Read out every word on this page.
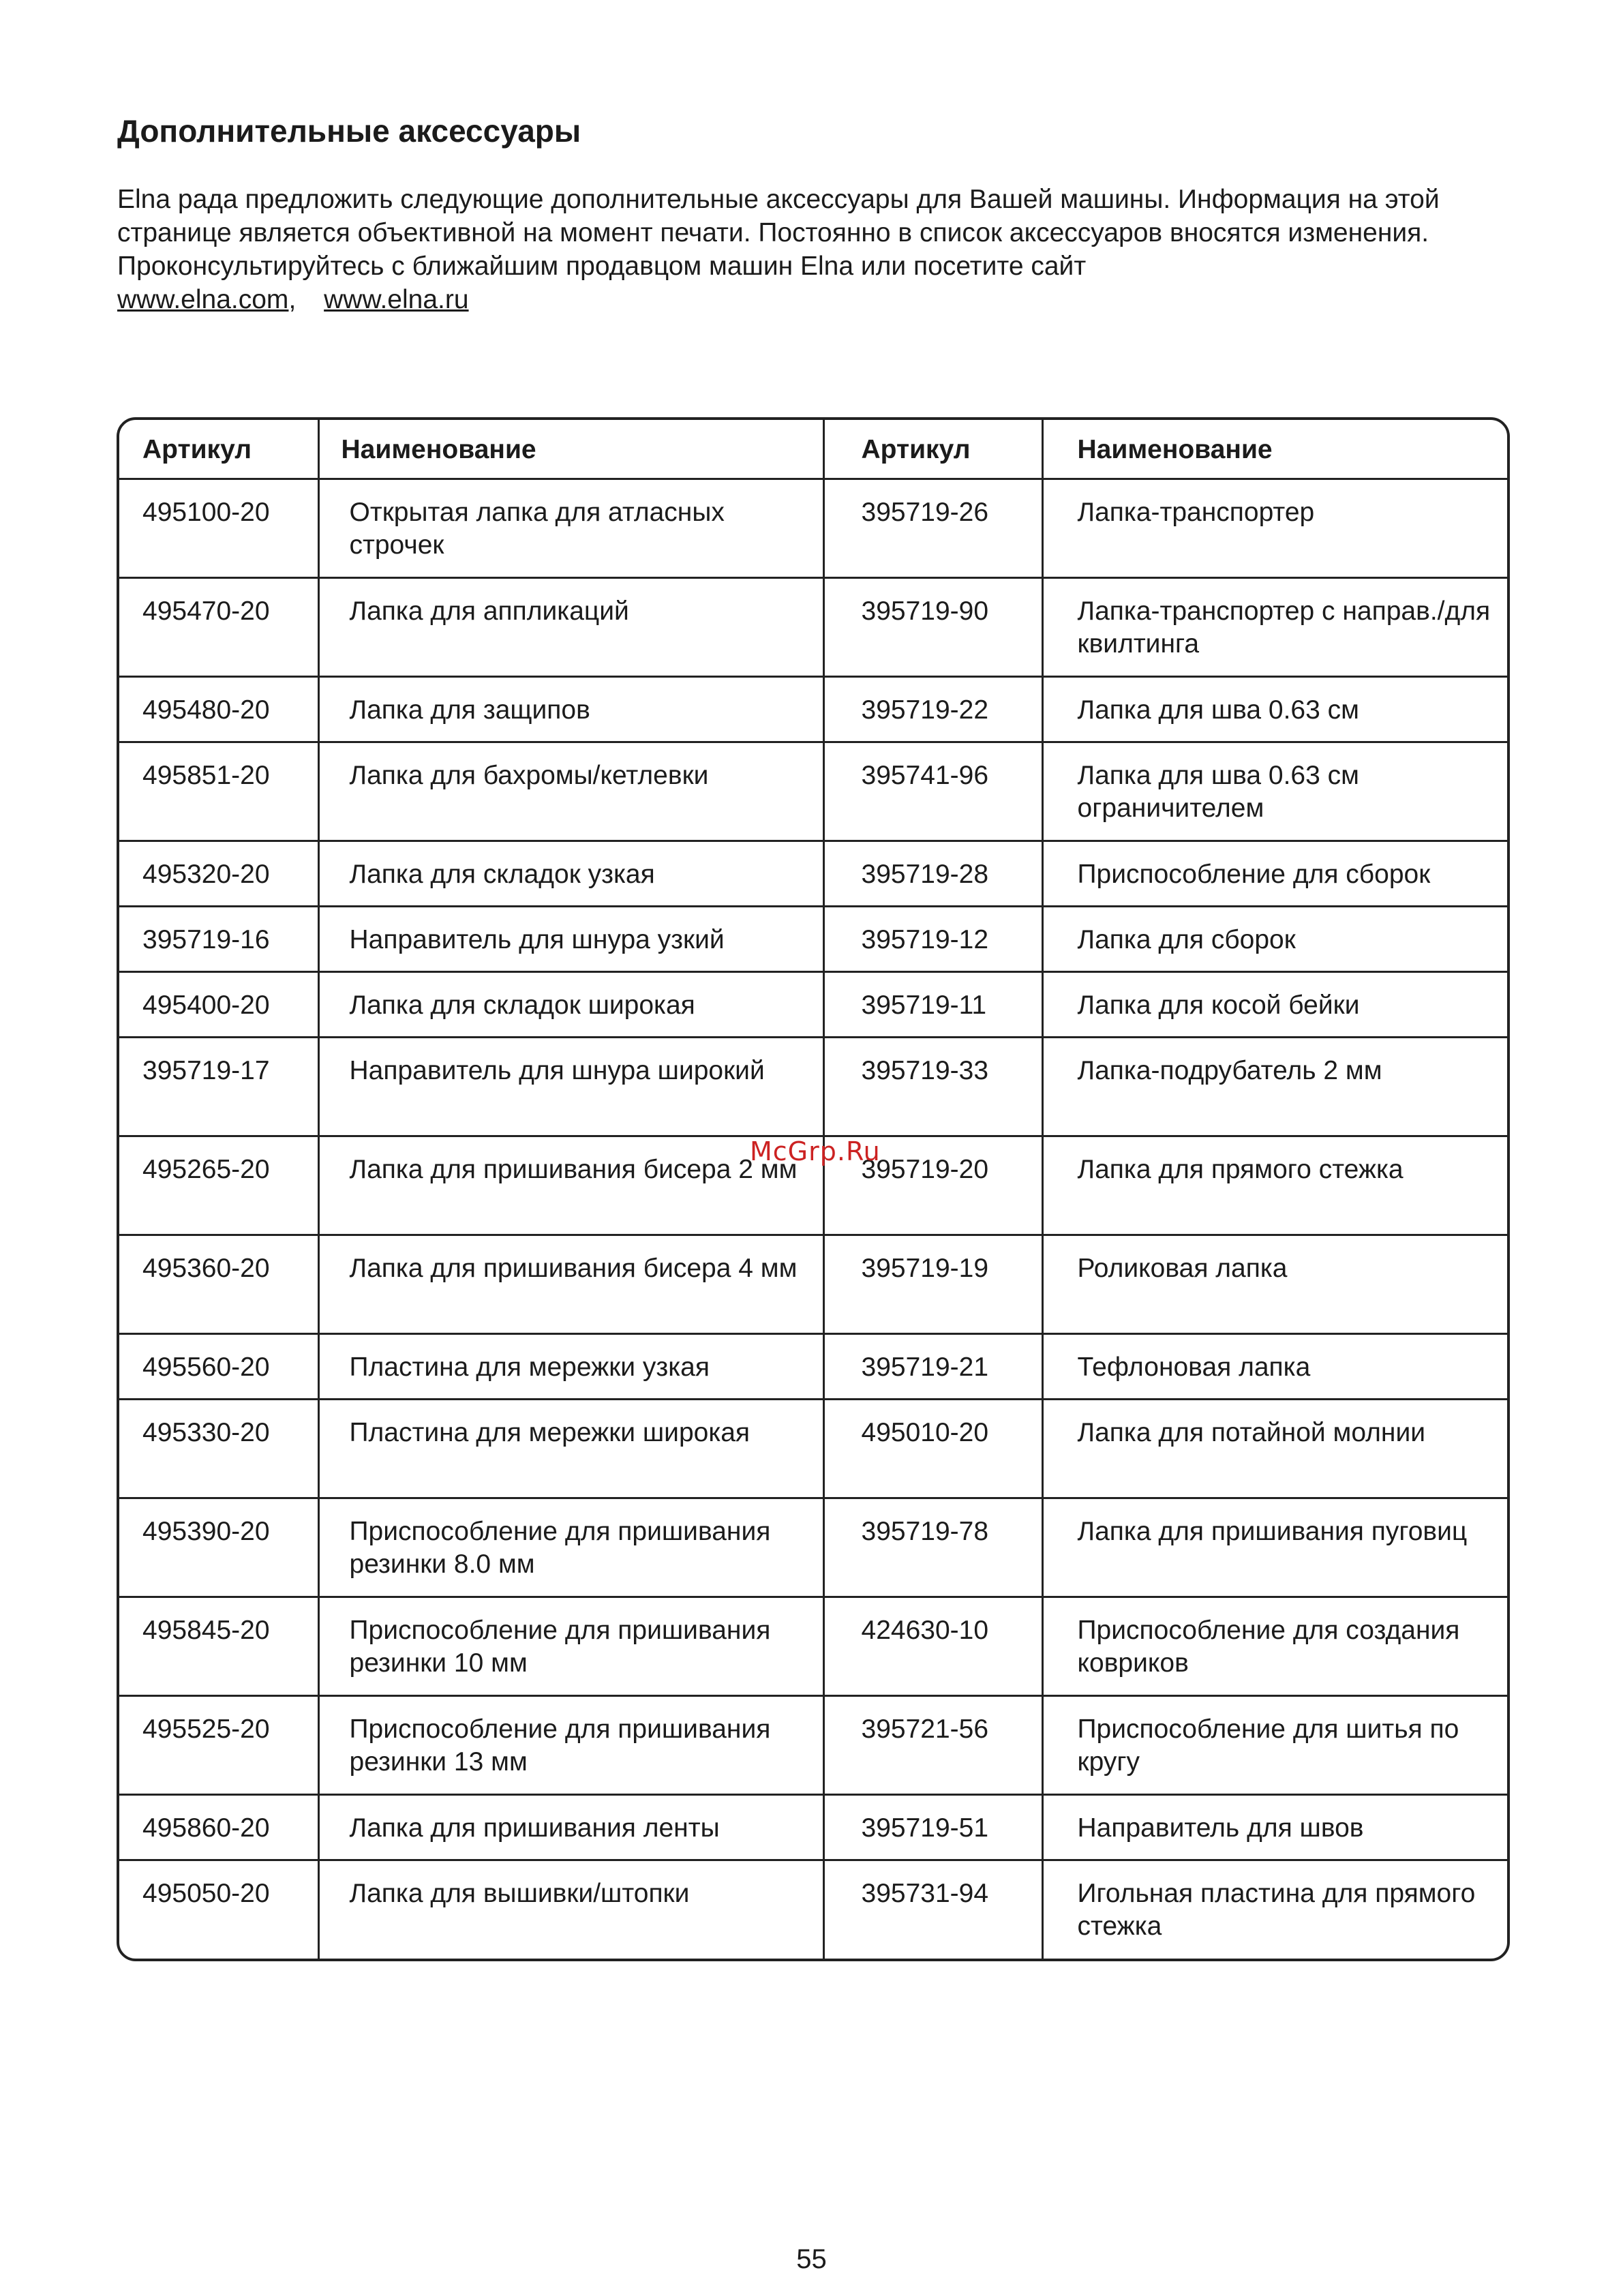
Дополнительные аксессуары

Elna рада предложить следующие дополнительные аксессуары для Вашей машины. Информация на этой странице является объективной на момент печати. Постоянно в список аксессуаров вносятся изменения. Проконсультируйтесь с ближайшим продавцом машин Elna или посетите сайт
www.elna.com, www.elna.ru

Артикул	Наименование	Артикул	Наименование
495100-20	Открытая лапка для атласных строчек	395719-26	Лапка-транспортер
495470-20	Лапка для аппликаций	395719-90	Лапка-транспортер с направ./для квилтинга
495480-20	Лапка для защипов	395719-22	Лапка для шва 0.63 см
495851-20	Лапка для бахромы/кетлевки	395741-96	Лапка для шва 0.63 см ограничителем
495320-20	Лапка для складок узкая	395719-28	Приспособление для сборок
395719-16	Направитель для шнура узкий	395719-12	Лапка для сборок
495400-20	Лапка для складок широкая	395719-11	Лапка для косой бейки
395719-17	Направитель для шнура широкий	395719-33	Лапка-подрубатель 2 мм
495265-20	Лапка для пришивания бисера 2 мм	395719-20	Лапка для прямого стежка
495360-20	Лапка для пришивания бисера 4 мм	395719-19	Роликовая лапка
495560-20	Пластина для мережки узкая	395719-21	Тефлоновая лапка
495330-20	Пластина для мережки широкая	495010-20	Лапка для потайной молнии
495390-20	Приспособление для пришивания резинки 8.0 мм	395719-78	Лапка для пришивания пуговиц
495845-20	Приспособление для пришивания резинки 10 мм	424630-10	Приспособление для создания ковриков
495525-20	Приспособление для пришивания резинки 13 мм	395721-56	Приспособление для шитья по кругу
495860-20	Лапка для пришивания ленты	395719-51	Направитель для швов
495050-20	Лапка для вышивки/штопки	395731-94	Игольная пластина для прямого стежка
McGrp.Ru
55
